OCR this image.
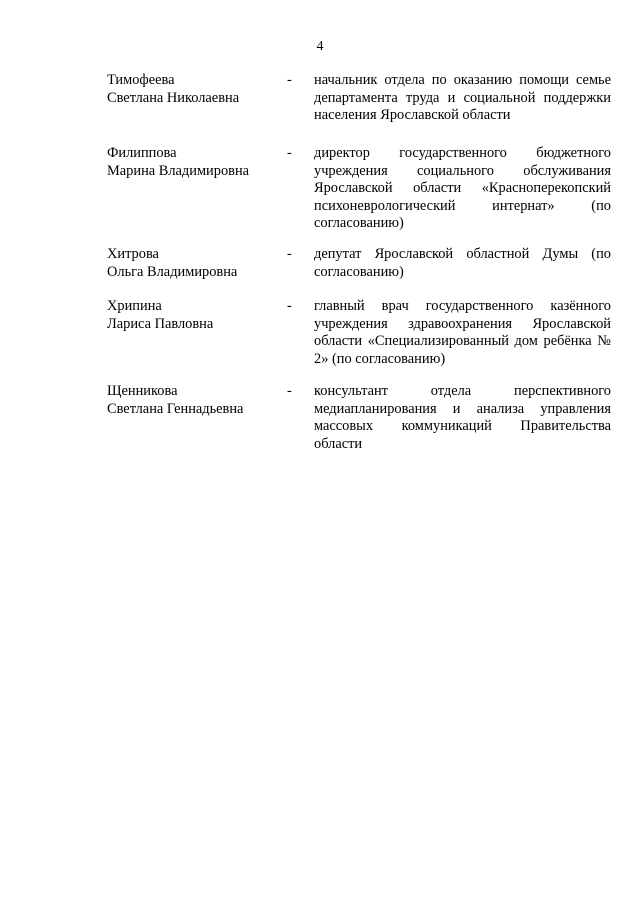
4
Тимофеева
Светлана Николаевна
- начальник отдела по оказанию помощи семье департамента труда и социальной поддержки населения Ярославской области
Филиппова
Марина Владимировна
- директор государственного бюджетного учреждения социального обслуживания Ярославской области «Красноперекопский психоневрологический интернат» (по согласованию)
Хитрова
Ольга Владимировна
- депутат Ярославской областной Думы (по согласованию)
Хрипина
Лариса Павловна
- главный врач государственного казённого учреждения здравоохранения Ярославской области «Специализированный дом ребёнка № 2» (по согласованию)
Щенникова
Светлана Геннадьевна
- консультант отдела перспективного медиапланирования и анализа управления массовых коммуникаций Правительства области
